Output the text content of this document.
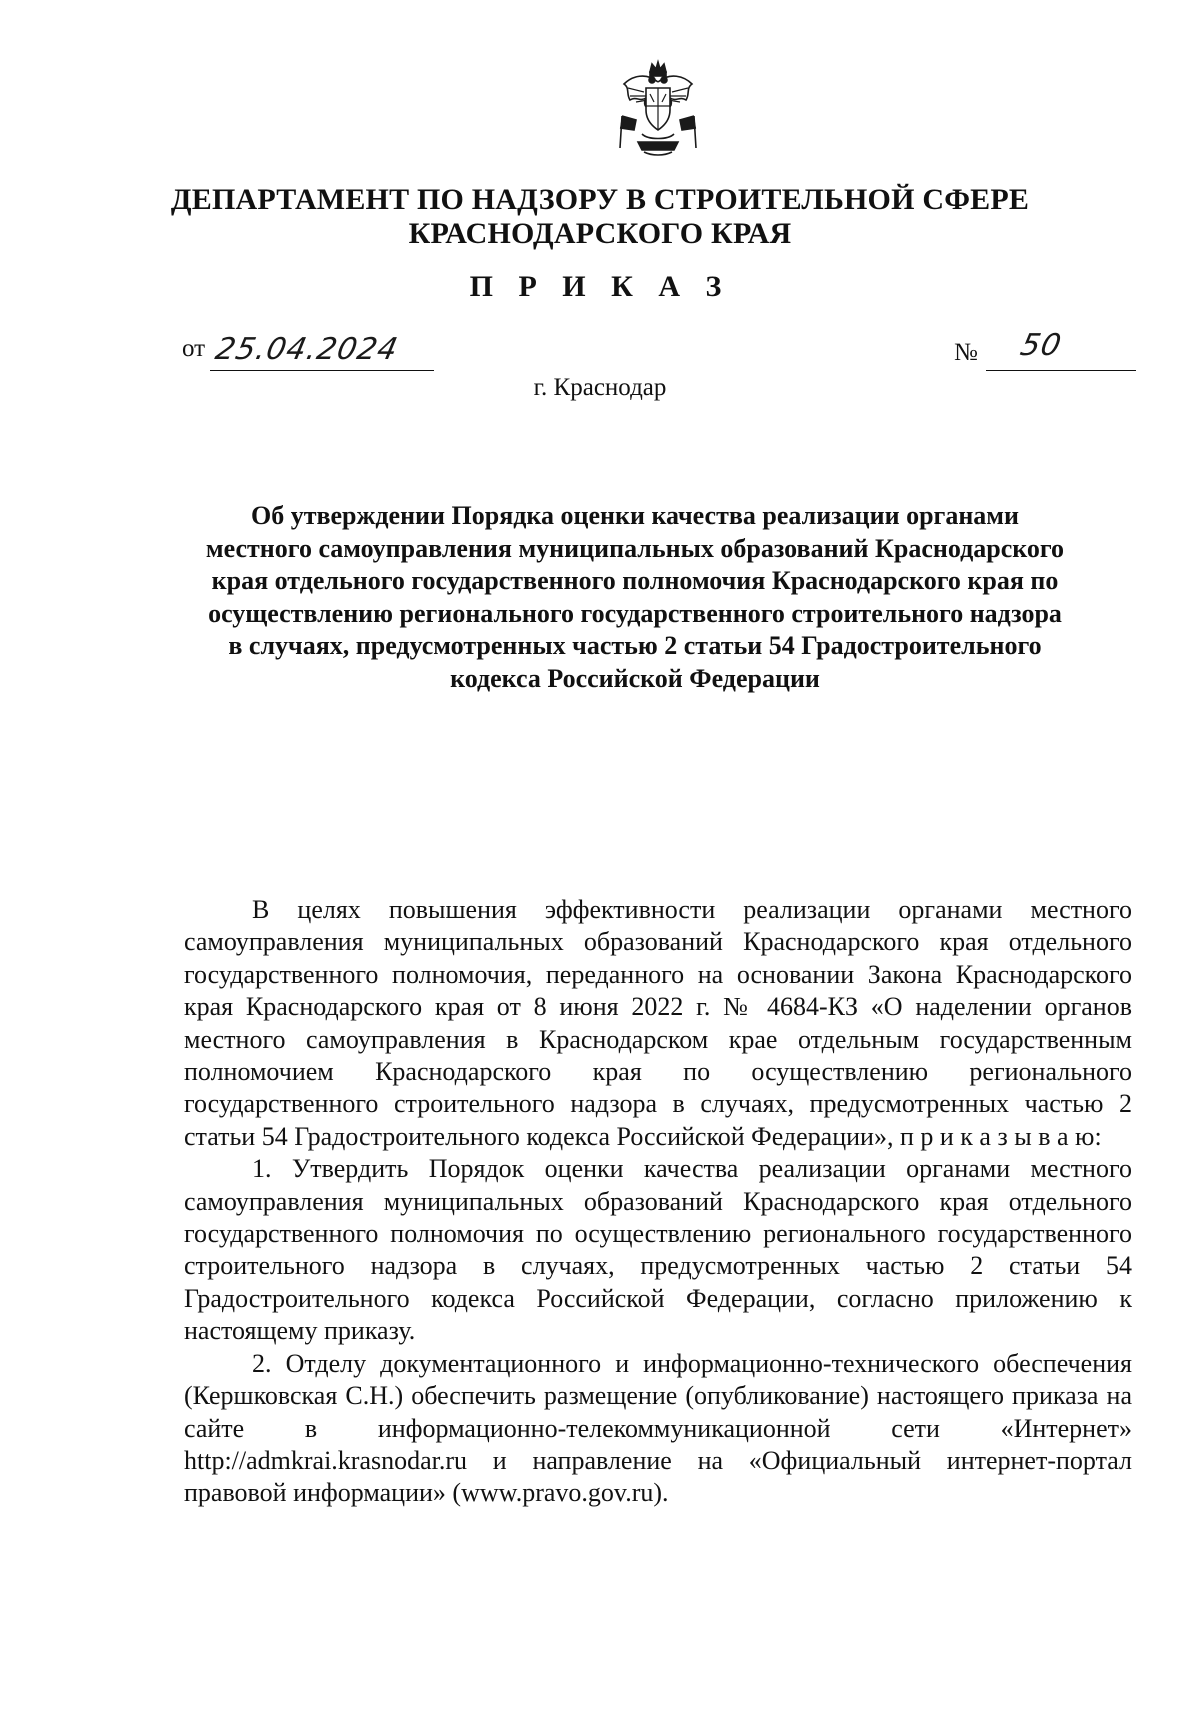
ДЕПАРТАМЕНТ ПО НАДЗОРУ В СТРОИТЕЛЬНОЙ СФЕРЕ
КРАСНОДАРСКОГО КРАЯ
П Р И К А З
от 25.04.2024	№ 50
г. Краснодар
Об утверждении Порядка оценки качества реализации органами местного самоуправления муниципальных образований Краснодарского края отдельного государственного полномочия Краснодарского края по осуществлению регионального государственного строительного надзора в случаях, предусмотренных частью 2 статьи 54 Градостроительного кодекса Российской Федерации

В целях повышения эффективности реализации органами местного самоуправления муниципальных образований Краснодарского края отдельного государственного полномочия, переданного на основании Закона Краснодарского края Краснодарского края от 8 июня 2022 г. № 4684-КЗ «О наделении органов местного самоуправления в Краснодарском крае отдельным государственным полномочием Краснодарского края по осуществлению регионального государственного строительного надзора в случаях, предусмотренных частью 2 статьи 54 Градостроительного кодекса Российской Федерации», п р и к а з ы в а ю:

1. Утвердить Порядок оценки качества реализации органами местного самоуправления муниципальных образований Краснодарского края отдельного государственного полномочия по осуществлению регионального государственного строительного надзора в случаях, предусмотренных частью 2 статьи 54 Градостроительного кодекса Российской Федерации, согласно приложению к настоящему приказу.

2. Отделу документационного и информационно-технического обеспечения (Кершковская С.Н.) обеспечить размещение (опубликование) настоящего приказа на сайте в информационно-телекоммуникационной сети «Интернет» http://admkrai.krasnodar.ru и направление на «Официальный интернет-портал правовой информации» (www.pravo.gov.ru).
